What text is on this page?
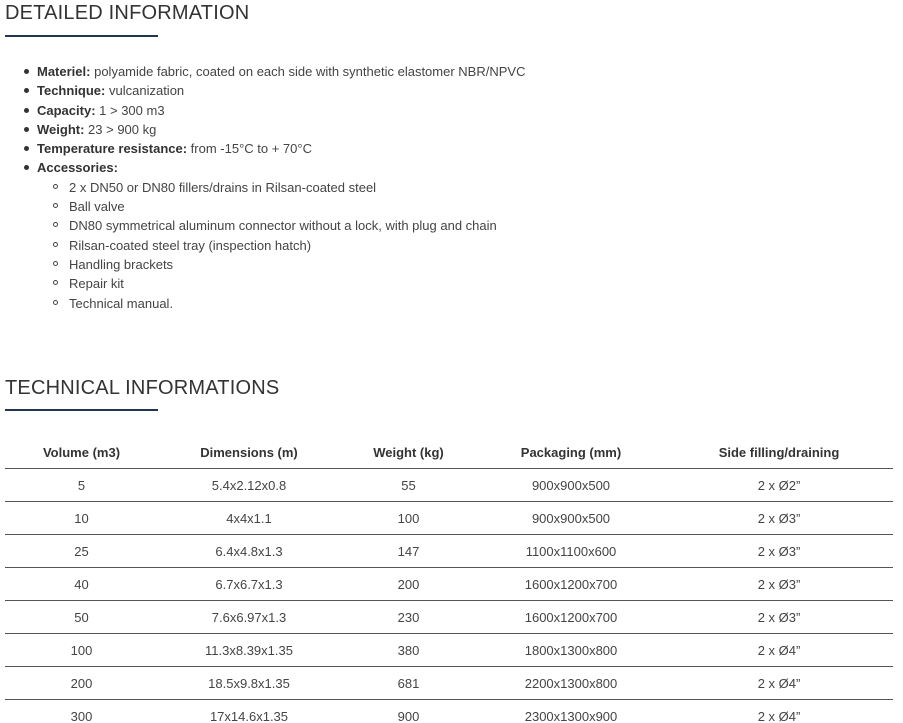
DETAILED INFORMATION
Materiel: polyamide fabric, coated on each side with synthetic elastomer NBR/NPVC
Technique: vulcanization
Capacity: 1 > 300 m3
Weight: 23 > 900 kg
Temperature resistance: from -15°C to + 70°C
Accessories:
2 x DN50 or DN80 fillers/drains in Rilsan-coated steel
Ball valve
DN80 symmetrical aluminum connector without a lock, with plug and chain
Rilsan-coated steel tray (inspection hatch)
Handling brackets
Repair kit
Technical manual.
TECHNICAL INFORMATIONS
Volume (m3)	Dimensions (m)	Weight (kg)	Packaging (mm)	Side filling/draining
5	5.4x2.12x0.8	55	900x900x500	2 x Ø2”
10	4x4x1.1	100	900x900x500	2 x Ø3”
25	6.4x4.8x1.3	147	1100x1100x600	2 x Ø3”
40	6.7x6.7x1.3	200	1600x1200x700	2 x Ø3”
50	7.6x6.97x1.3	230	1600x1200x700	2 x Ø3”
100	11.3x8.39x1.35	380	1800x1300x800	2 x Ø4”
200	18.5x9.8x1.35	681	2200x1300x800	2 x Ø4”
300	17x14.6x1.35	900	2300x1300x900	2 x Ø4”
